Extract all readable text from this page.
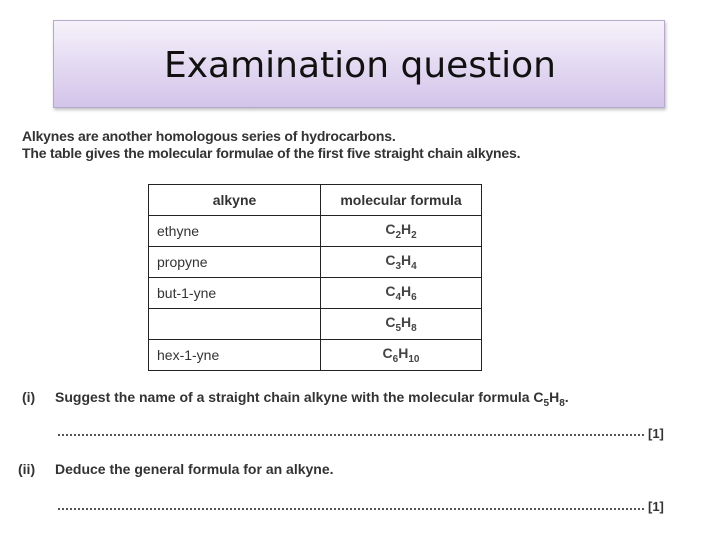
Examination question
Alkynes are another homologous series of hydrocarbons.
The table gives the molecular formulae of the first five straight chain alkynes.
alkyne	molecular formula
ethyne	$C_2H_2$
propyne	$C_3H_4$
but-1-yne	$C_4H_6$
	$C_5H_8$
hex-1-yne	$C_6H_{10}$
(i) Suggest the name of a straight chain alkyne with the molecular formula $C_5H_8$.
[1]
(ii) Deduce the general formula for an alkyne.
[1]
